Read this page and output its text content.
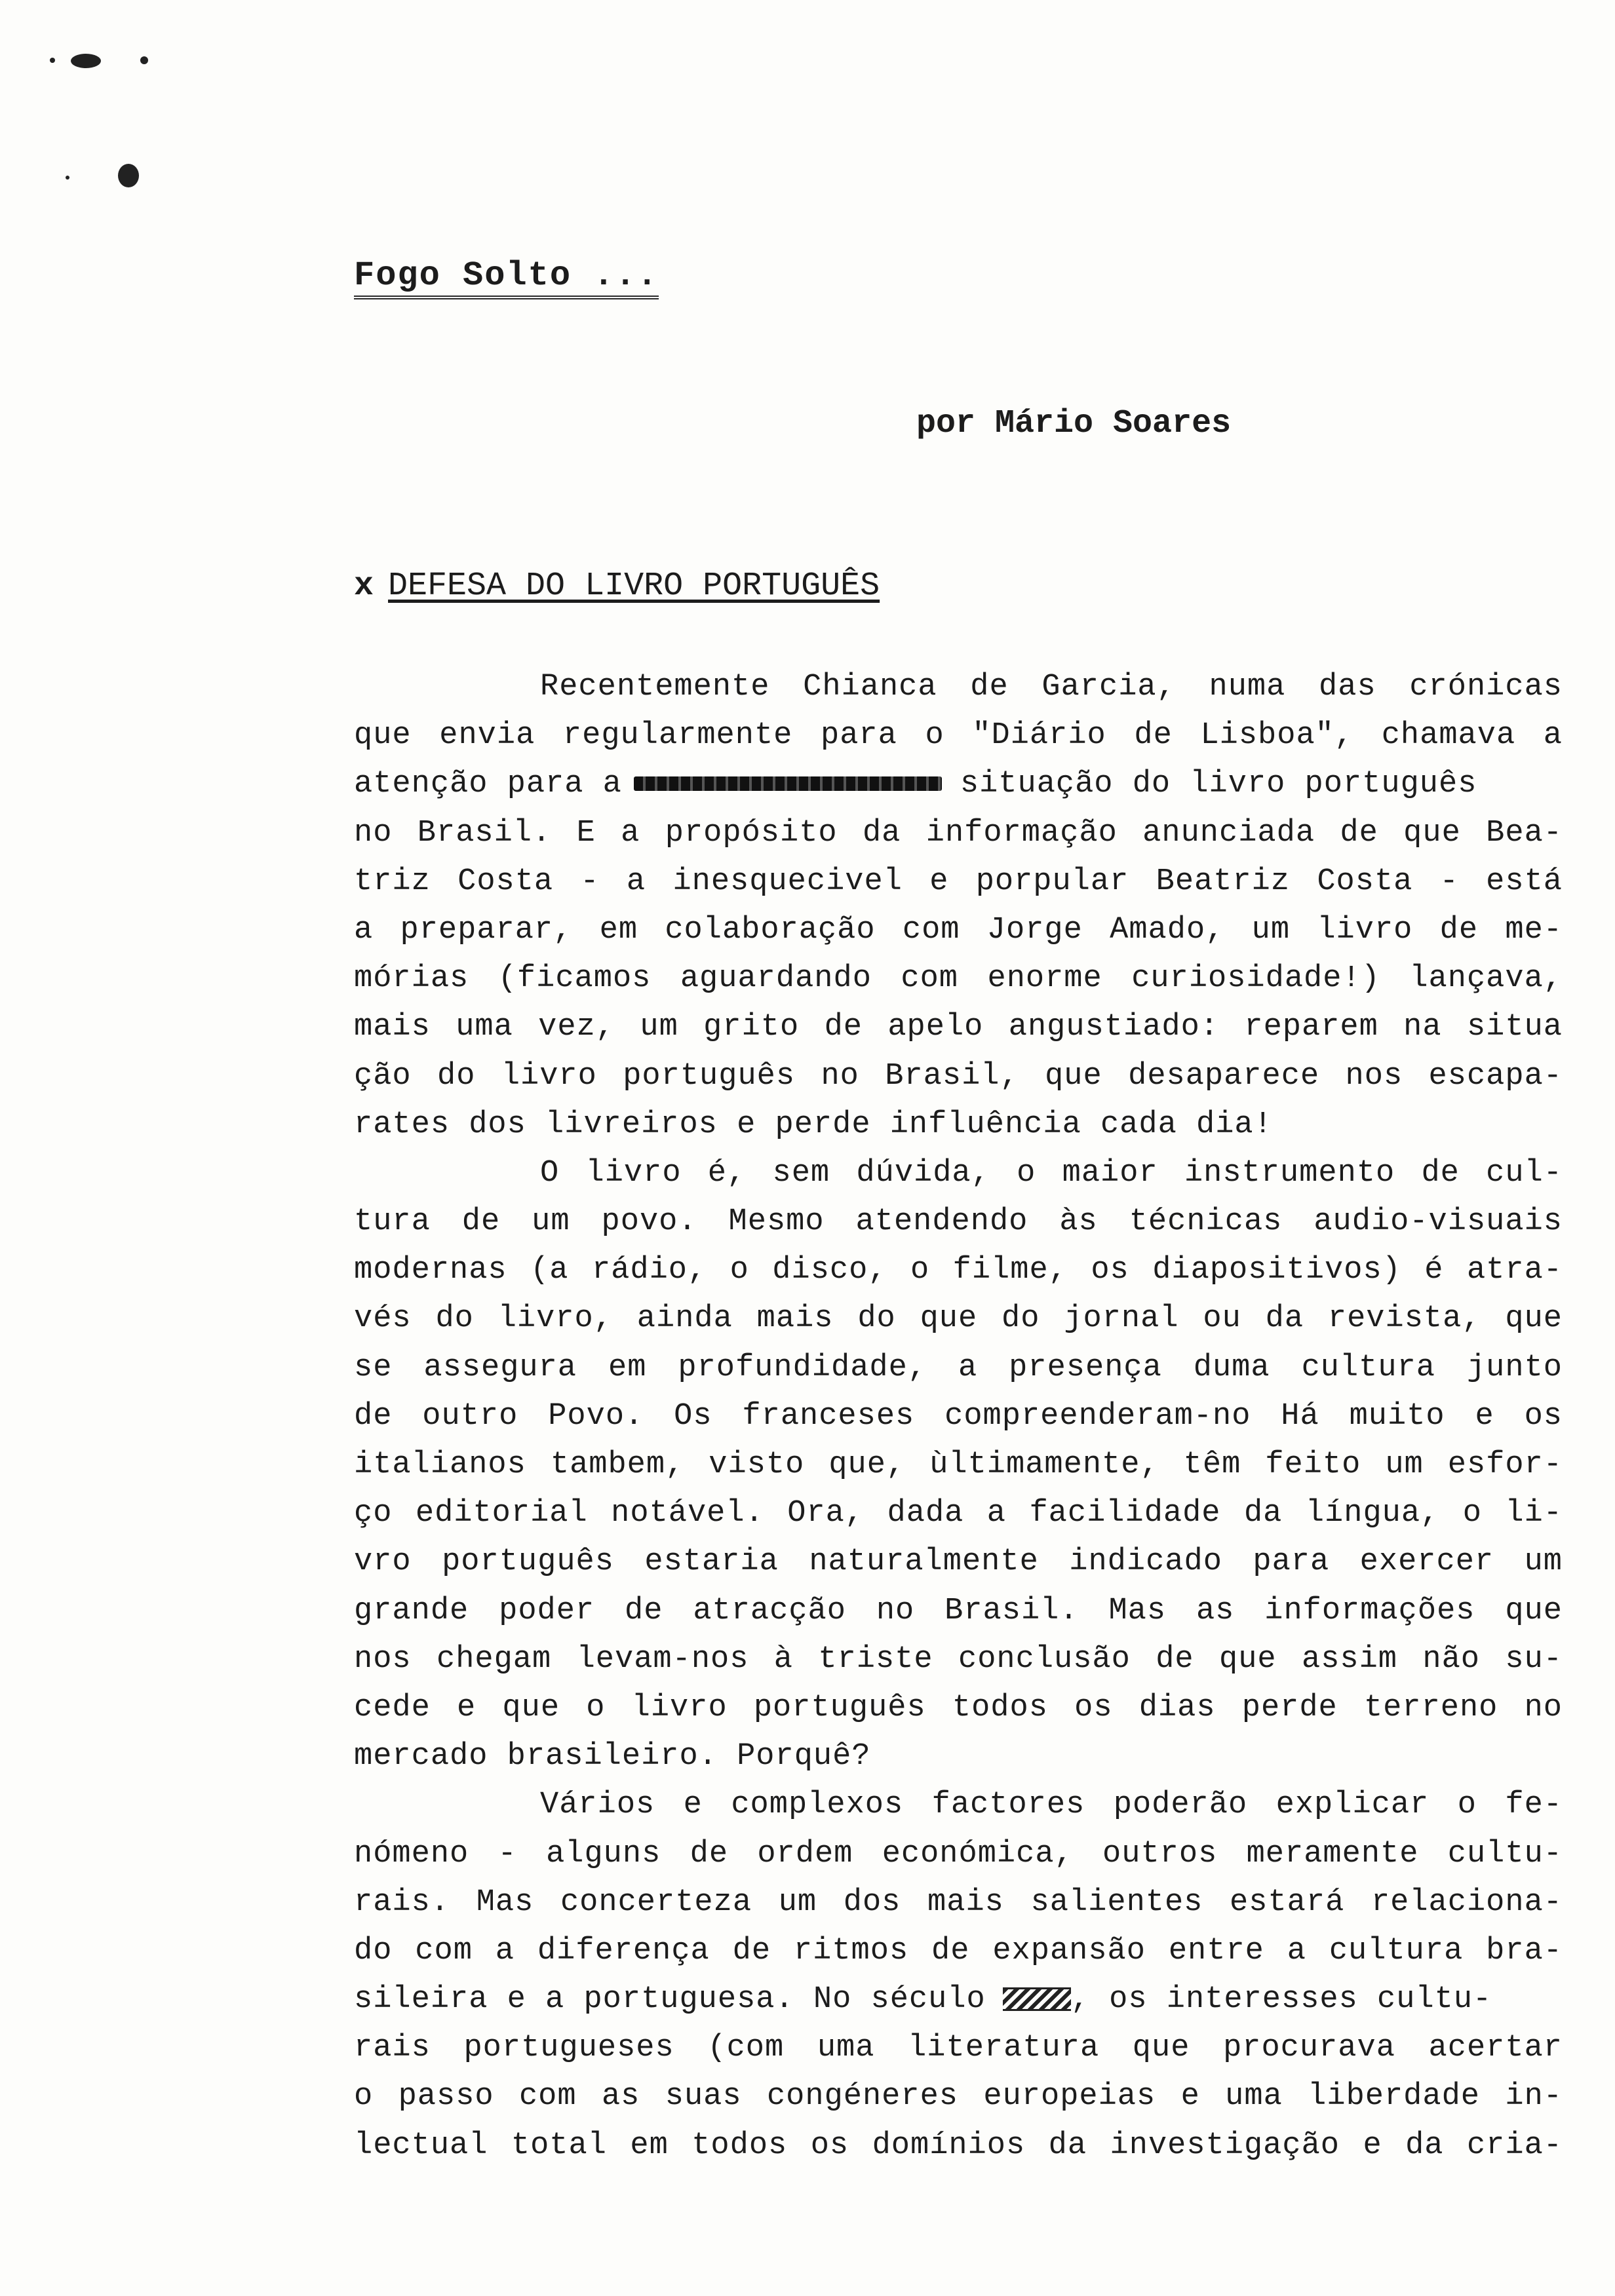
Fogo Solto ...
por Mário Soares
x DEFESA DO LIVRO PORTUGUÊS
Recentemente Chianca de Garcia, numa das crónicas
que envia regularmente para o "Diário de Lisboa", chamava a
atenção para a	situação do livro português
no Brasil. E a propósito da informação anunciada de que Bea-
triz Costa - a inesquecivel e porpular Beatriz Costa - está
a preparar, em colaboração com Jorge Amado, um livro de me-
mórias (ficamos aguardando com enorme curiosidade!) lançava,
mais uma vez, um grito de apelo angustiado: reparem na situa
ção do livro português no Brasil, que desaparece nos escapa-
rates dos livreiros e perde influência cada dia!
O livro é, sem dúvida, o maior instrumento de cul-
tura de um povo. Mesmo atendendo às técnicas audio-visuais
modernas (a rádio, o disco, o filme, os diapositivos) é atra-
vés do livro, ainda mais do que do jornal ou da revista, que
se assegura em profundidade, a presença duma cultura junto
de outro Povo. Os franceses compreenderam-no Há muito e os
italianos tambem, visto que, ùltimamente, têm feito um esfor-
ço editorial notável. Ora, dada a facilidade da língua, o li-
vro português estaria naturalmente indicado para exercer um
grande poder de atracção no Brasil. Mas as informações que
nos chegam levam-nos à triste conclusão de que assim não su-
cede e que o livro português todos os dias perde terreno no
mercado brasileiro. Porquê?
Vários e complexos factores poderão explicar o fe-
nómeno - alguns de ordem económica, outros meramente cultu-
rais. Mas concerteza um dos mais salientes estará relaciona-
do com a diferença de ritmos de expansão entre a cultura bra-
sileira e a portuguesa. No século	, os interesses cultu-
rais portugueses (com uma literatura que procurava acertar
o passo com as suas congéneres europeias e uma liberdade in-
lectual total em todos os domínios da investigação e da cria-
